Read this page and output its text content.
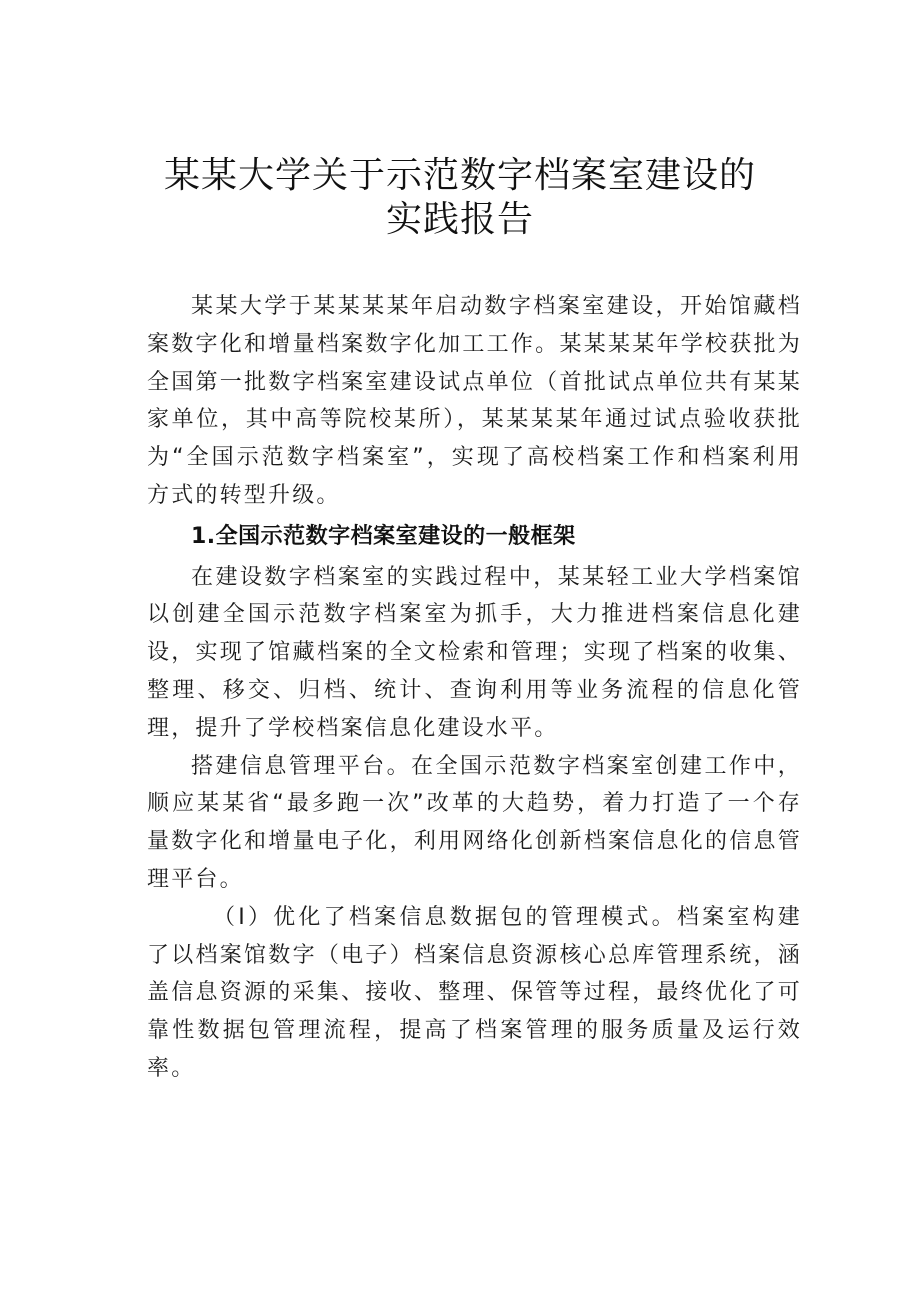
某某大学关于示范数字档案室建设的
实践报告

某某大学于某某某某年启动数字档案室建设，开始馆藏档案数字化和增量档案数字化加工工作。某某某某年学校获批为全国第一批数字档案室建设试点单位（首批试点单位共有某某家单位，其中高等院校某所），某某某某年通过试点验收获批为“全国示范数字档案室”，实现了高校档案工作和档案利用方式的转型升级。

1.全国示范数字档案室建设的一般框架

在建设数字档案室的实践过程中，某某轻工业大学档案馆以创建全国示范数字档案室为抓手，大力推进档案信息化建设，实现了馆藏档案的全文检索和管理；实现了档案的收集、整理、移交、归档、统计、查询利用等业务流程的信息化管理，提升了学校档案信息化建设水平。

搭建信息管理平台。在全国示范数字档案室创建工作中，顺应某某省“最多跑一次”改革的大趋势，着力打造了一个存量数字化和增量电子化，利用网络化创新档案信息化的信息管理平台。

（I）优化了档案信息数据包的管理模式。档案室构建了以档案馆数字（电子）档案信息资源核心总库管理系统，涵盖信息资源的采集、接收、整理、保管等过程，最终优化了可靠性数据包管理流程，提高了档案管理的服务质量及运行效率。
